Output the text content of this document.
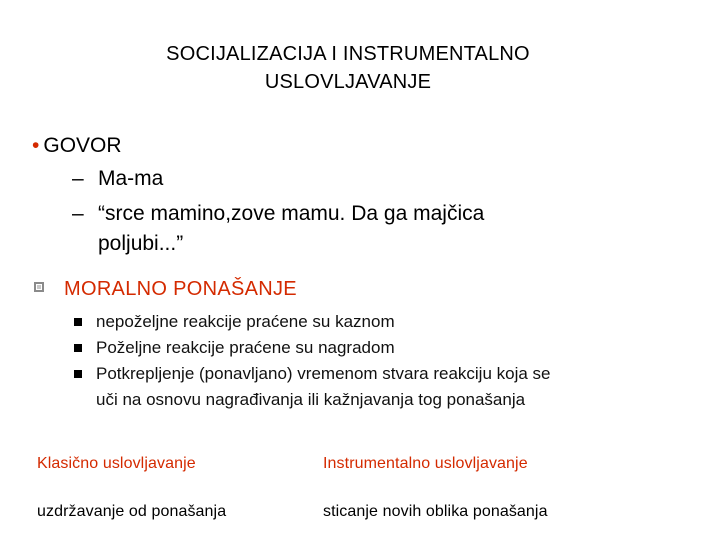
SOCIJALIZACIJA I INSTRUMENTALNO
USLOVLJAVANJE
• GOVOR
– Ma-ma
– “srce mamino,zove mamu. Da ga majčica
poljubi...”
MORALNO PONAŠANJE
nepoželjne reakcije praćene su kaznom
Poželjne reakcije praćene su nagradom
Potkrepljenje (ponavljano) vremenom stvara reakciju koja se
uči na osnovu nagrađivanja ili kažnjavanja tog ponašanja
Klasično uslovljavanje	Instrumentalno uslovljavanje
uzdržavanje od ponašanja	sticanje novih oblika ponašanja
